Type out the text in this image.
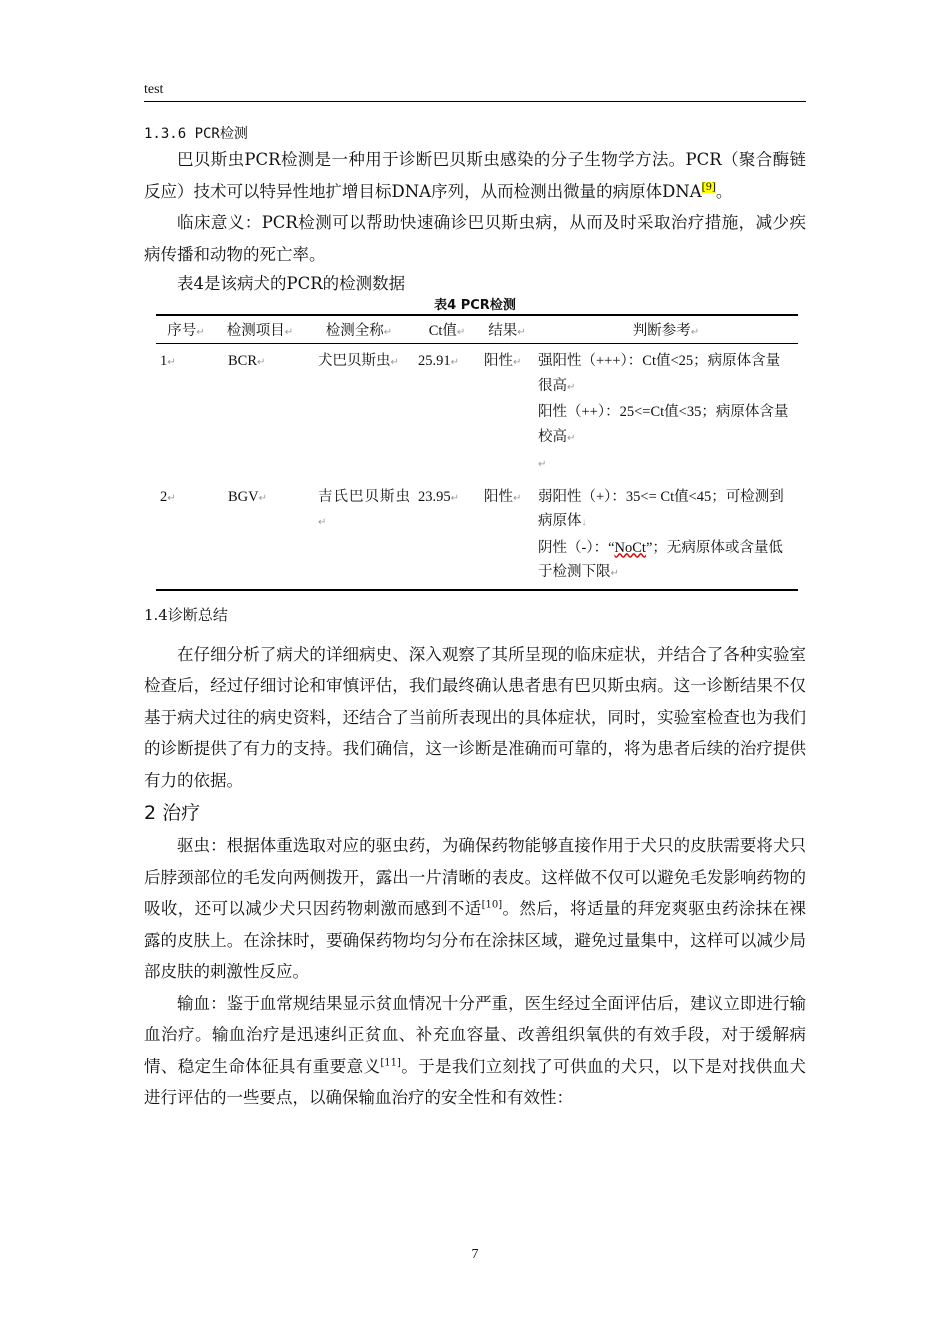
test

1.3.6 PCR检测

巴贝斯虫PCR检测是一种用于诊断巴贝斯虫感染的分子生物学方法。PCR（聚合酶链反应）技术可以特异性地扩增目标DNA序列，从而检测出微量的病原体DNA[9]。

临床意义：PCR检测可以帮助快速确诊巴贝斯虫病，从而及时采取治疗措施，减少疾病传播和动物的死亡率。

表4是该病犬的PCR的检测数据

表4 PCR检测

序号↵	检测项目↵	检测全称↵	Ct值↵	结果↵	判断参考↵
1↵	BCR↵	犬巴贝斯虫↵	25.91↵	阳性↵	强阳性（+++）：Ct值<25；病原体含量很高↵
阳性（++）：25<=Ct值<35；病原体含量校高↵
↵

2↵	BGV↵	吉氏巴贝斯虫↵	23.95↵	阳性↵	弱阳性（+）：35<= Ct值<45；可检测到病原体↓
阴性（-）：“NoCt”；无病原体或含量低于检测下限↵

1.4诊断总结

在仔细分析了病犬的详细病史、深入观察了其所呈现的临床症状，并结合了各种实验室检查后，经过仔细讨论和审慎评估，我们最终确认患者患有巴贝斯虫病。这一诊断结果不仅基于病犬过往的病史资料，还结合了当前所表现出的具体症状，同时，实验室检查也为我们的诊断提供了有力的支持。我们确信，这一诊断是准确而可靠的，将为患者后续的治疗提供有力的依据。

2 治疗

驱虫：根据体重选取对应的驱虫药，为确保药物能够直接作用于犬只的皮肤需要将犬只后脖颈部位的毛发向两侧拨开，露出一片清晰的表皮。这样做不仅可以避免毛发影响药物的吸收，还可以减少犬只因药物刺激而感到不适[10]。然后，将适量的拜宠爽驱虫药涂抹在裸露的皮肤上。在涂抹时，要确保药物均匀分布在涂抹区域，避免过量集中，这样可以减少局部皮肤的刺激性反应。

输血：鉴于血常规结果显示贫血情况十分严重，医生经过全面评估后，建议立即进行输血治疗。输血治疗是迅速纠正贫血、补充血容量、改善组织氧供的有效手段，对于缓解病情、稳定生命体征具有重要意义[11]。于是我们立刻找了可供血的犬只，以下是对找供血犬进行评估的一些要点，以确保输血治疗的安全性和有效性：

7
